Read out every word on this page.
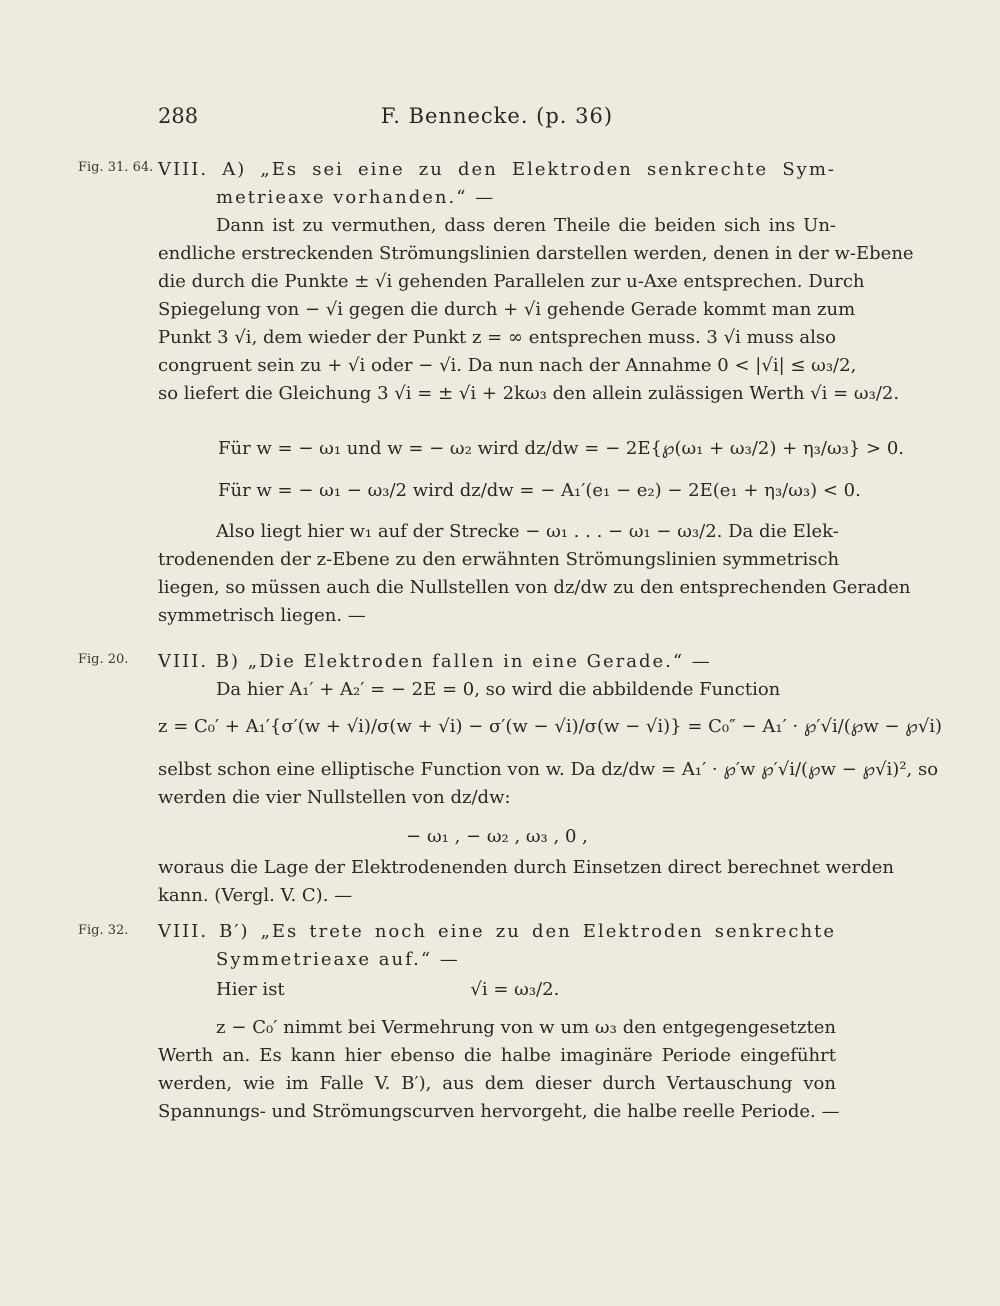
288	F. Bennecke. (p. 36)
Fig. 31. 64.
Fig. 20.
Fig. 32.
VIII. A) „Es sei eine zu den Elektroden senkrechte Sym-
metrieaxe vorhanden.“ —
Dann ist zu vermuthen, dass deren Theile die beiden sich ins Un-
endliche erstreckenden Strömungslinien darstellen werden, denen in der w-Ebene
die durch die Punkte ± √i gehenden Parallelen zur u-Axe entsprechen. Durch
Spiegelung von − √i gegen die durch + √i gehende Gerade kommt man zum
Punkt 3 √i, dem wieder der Punkt z = ∞ entsprechen muss. 3 √i muss also
congruent sein zu + √i oder − √i. Da nun nach der Annahme 0 < |√i| ≤ ω₃/2,
so liefert die Gleichung 3 √i = ± √i + 2kω₃ den allein zulässigen Werth √i = ω₃/2.
Für w = − ω₁ und w = − ω₂ wird dz/dw = − 2E{℘(ω₁ + ω₃/2) + η₃/ω₃} > 0.
Für w = − ω₁ − ω₃/2 wird dz/dw = − A₁′(e₁ − e₂) − 2E(e₁ + η₃/ω₃) < 0.
Also liegt hier w₁ auf der Strecke − ω₁ . . . − ω₁ − ω₃/2. Da die Elek-
trodenenden der z-Ebene zu den erwähnten Strömungslinien symmetrisch
liegen, so müssen auch die Nullstellen von dz/dw zu den entsprechenden Geraden
symmetrisch liegen. —
VIII. B) „Die Elektroden fallen in eine Gerade.“ —
Da hier A₁′ + A₂′ = − 2E = 0, so wird die abbildende Function
z = C₀′ + A₁′{σ′(w + √i)/σ(w + √i) − σ′(w − √i)/σ(w − √i)} = C₀″ − A₁′ · ℘′√i/(℘w − ℘√i)
selbst schon eine elliptische Function von w. Da dz/dw = A₁′ · ℘′w ℘′√i/(℘w − ℘√i)², so
werden die vier Nullstellen von dz/dw:
− ω₁ , − ω₂ , ω₃ , 0 ,
woraus die Lage der Elektrodenenden durch Einsetzen direct berechnet werden
kann. (Vergl. V. C). —
VIII. B′) „Es trete noch eine zu den Elektroden senkrechte
Symmetrieaxe auf.“ —
Hier ist	√i = ω₃/2.
z − C₀′ nimmt bei Vermehrung von w um ω₃ den entgegengesetzten
Werth an. Es kann hier ebenso die halbe imaginäre Periode eingeführt
werden, wie im Falle V. B′), aus dem dieser durch Vertauschung von
Spannungs- und Strömungscurven hervorgeht, die halbe reelle Periode. —
